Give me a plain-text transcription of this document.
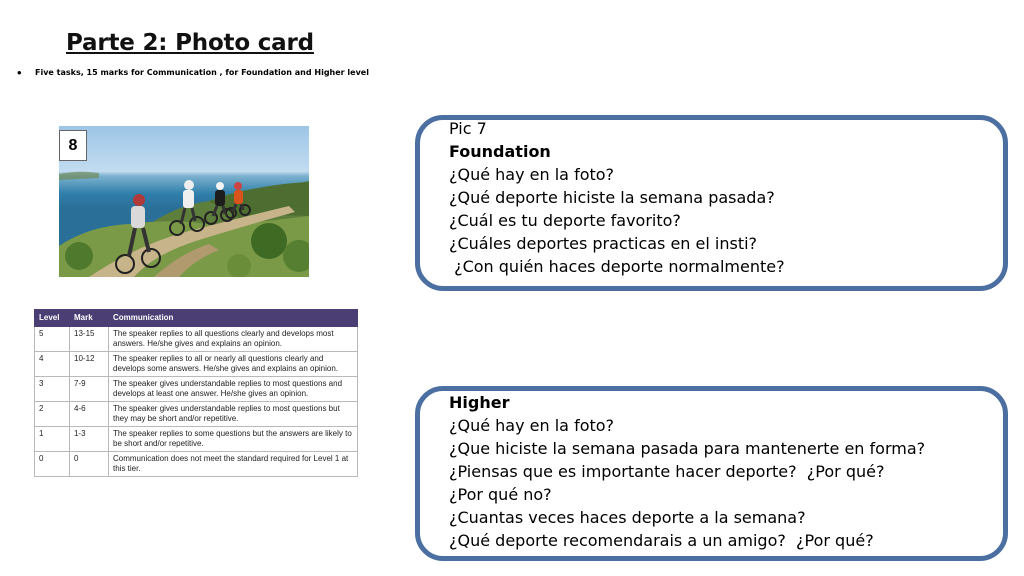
Parte 2: Photo card
• Five tasks, 15 marks for Communication , for Foundation and Higher level
8
Level	Mark	Communication
5	13-15	The speaker replies to all questions clearly and develops most answers. He/she gives and explains an opinion.
4	10-12	The speaker replies to all or nearly all questions clearly and develops some answers. He/she gives and explains an opinion.
3	7-9	The speaker gives understandable replies to most questions and develops at least one answer. He/she gives an opinion.
2	4-6	The speaker gives understandable replies to most questions but they may be short and/or repetitive.
1	1-3	The speaker replies to some questions but the answers are likely to be short and/or repetitive.
0	0	Communication does not meet the standard required for Level 1 at this tier.
Pic 7
Foundation
¿Qué hay en la foto?
¿Qué deporte hiciste la semana pasada?
¿Cuál es tu deporte favorito?
¿Cuáles deportes practicas en el insti?
¿Con quién haces deporte normalmente?
Higher
¿Qué hay en la foto?
¿Que hiciste la semana pasada para mantenerte en forma?
¿Piensas que es importante hacer deporte?  ¿Por qué?  ¿Por qué no?
¿Cuantas veces haces deporte a la semana?
¿Qué deporte recomendarais a un amigo?  ¿Por qué?
